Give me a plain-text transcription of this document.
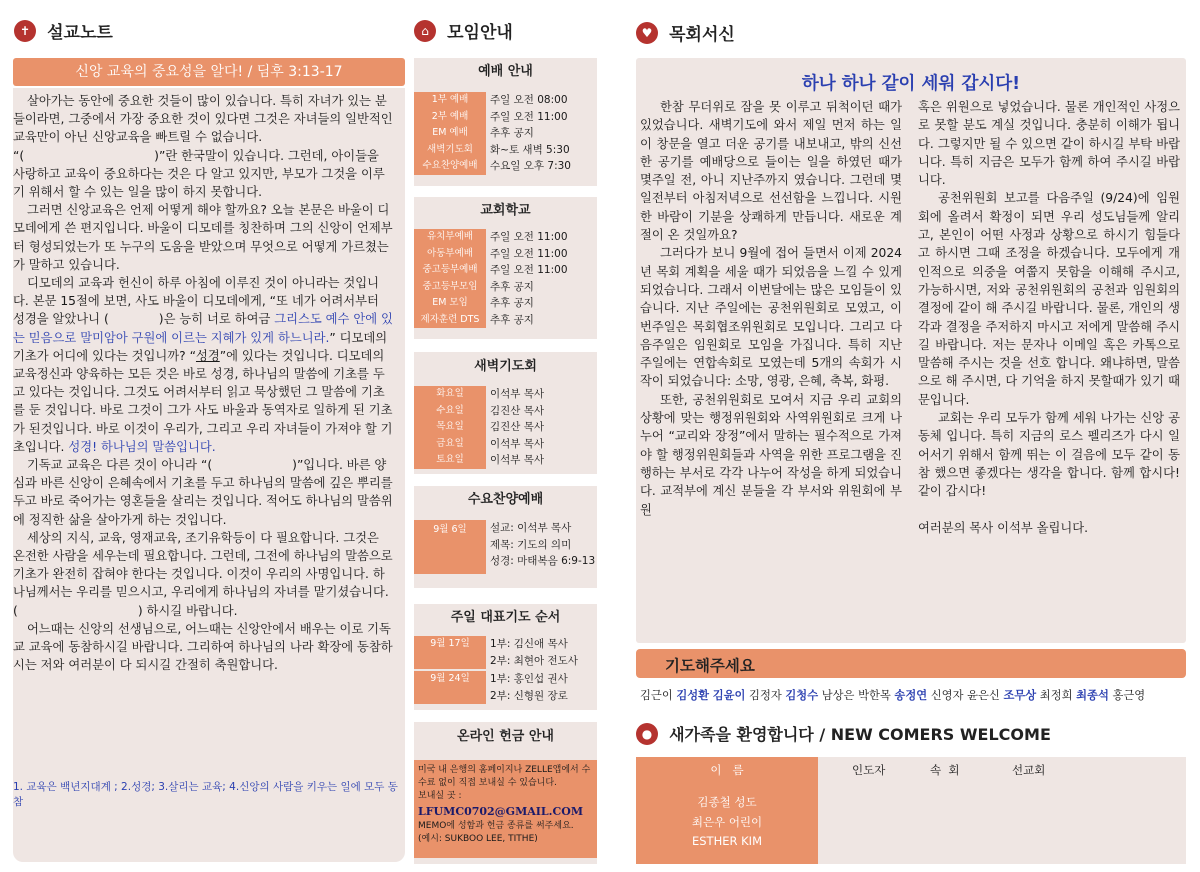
✝ 설교노트
신앙 교육의 중요성을 알다! / 딤후 3:13-17

살아가는 동안에 중요한 것들이 많이 있습니다. 특히 자녀가 있는 분들이라면, 그중에서 가장 중요한 것이 있다면 그것은 자녀들의 일반적인 교육만이 아닌 신앙교육을 빠트릴 수 없습니다.

“(	)”란 한국말이 있습니다. 그런데, 아이들을 사랑하고 교육이 중요하다는 것은 다 알고 있지만, 부모가 그것을 이루기 위해서 할 수 있는 일을 많이 하지 못합니다.

그러면 신앙교육은 언제 어떻게 해야 할까요? 오늘 본문은 바울이 디모데에게 쓴 편지입니다. 바울이 디모데를 칭찬하며 그의 신앙이 언제부터 형성되었는가 또 누구의 도움을 받았으며 무엇으로 어떻게 가르쳤는가 말하고 있습니다.

디모데의 교육과 헌신이 하루 아침에 이루진 것이 아니라는 것입니다. 본문 15절에 보면, 사도 바울이 디모데에게, “또 네가 어려서부터 성경을 알았나니 (	)은 능히 너로 하여금 그리스도 예수 안에 있는 믿음으로 말미암아 구원에 이르는 지혜가 있게 하느니라.” 디모데의 기초가 어디에 있다는 것입니까? “성경”에 있다는 것입니다. 디모데의 교육정신과 양육하는 모든 것은 바로 성경, 하나님의 말씀에 기초를 두고 있다는 것입니다. 그것도 어려서부터 읽고 묵상했던 그 말씀에 기초를 둔 것입니다. 바로 그것이 그가 사도 바울과 동역자로 일하게 된 기초가 된것입니다. 바로 이것이 우리가, 그리고 우리 자녀들이 가져야 할 기초입니다. 성경! 하나님의 말씀입니다.

기독교 교육은 다른 것이 아니라 “(	)”입니다. 바른 양심과 바른 신앙이 은혜속에서 기초를 두고 하나님의 말씀에 깊은 뿌리를 두고 바로 죽어가는 영혼들을 살리는 것입니다. 적어도 하나님의 말씀위에 정직한 삶을 살아가게 하는 것입니다.

세상의 지식, 교육, 영재교육, 조기유학등이 다 필요합니다. 그것은 온전한 사람을 세우는데 필요합니다. 그런데, 그전에 하나님의 말씀으로 기초가 완전히 잡혀야 한다는 것입니다. 이것이 우리의 사명입니다. 하나님께서는 우리를 믿으시고, 우리에게 하나님의 자녀를 맡기셨습니다. (	) 하시길 바랍니다.

어느때는 신앙의 선생님으로, 어느때는 신앙안에서 배우는 이로 기독교 교육에 동참하시길 바랍니다. 그리하여 하나님의 나라 확장에 동참하시는 저와 여러분이 다 되시길 간절히 축원합니다.

1. 교육은 백년지대계 ; 2.성경; 3.살리는 교육; 4.신앙의 사람을 키우는 일에 모두 동참
⌂ 모임안내
예배 안내
1부 예배	주일 오전 08:00
2부 예배	주일 오전 11:00
EM 예배	추후 공지
새벽기도회	화~토 새벽 5:30
수요찬양예배	수요일 오후 7:30
교회학교
유치부예배	주일 오전 11:00
아동부예배	주일 오전 11:00
중고등부예배	주일 오전 11:00
중고등부모임	추후 공지
EM 모임	추후 공지
제자훈련 DTS	추후 공지
새벽기도회
화요일	이석부 목사
수요일	김진산 목사
목요일	김진산 목사
금요일	이석부 목사
토요일	이석부 목사
수요찬양예배
9월 6일	설교: 이석부 목사
제목: 기도의 의미
성경: 마태복음 6:9-13
주일 대표기도 순서
9월 17일	1부: 김신애 목사
2부: 최현아 전도사
9월 24일	1부: 홍인섭 권사
2부: 신형원 장로
온라인 헌금 안내
미국 내 은행의 홈페이지나 ZELLE앱에서 수수료 없이 직접 보내실 수 있습니다.
보내실 곳 :
LFUMC0702@GMAIL.COM
MEMO에 성함과 헌금 종류를 써주세요.
(예시: SUKBOO LEE, TITHE)
♥ 목회서신
하나 하나 같이 세워 갑시다!

한참 무더위로 잠을 못 이루고 뒤척이던 때가 있었습니다. 새벽기도에 와서 제일 먼저 하는 일이 창문을 열고 더운 공기를 내보내고, 밖의 신선한 공기를 예배당으로 들이는 일을 하였던 때가 몇주일 전, 아니 지난주까지 였습니다. 그런데 몇 일전부터 아침저녁으로 선선함을 느낍니다. 시원한 바람이 기분을 상쾌하게 만듭니다. 새로운 계절이 온 것일까요?

그러다가 보니 9월에 접어 들면서 이제 2024년 목회 계획을 세울 때가 되었음을 느낄 수 있게 되었습니다. 그래서 이번달에는 많은 모임들이 있습니다. 지난 주일에는 공천위원회로 모였고, 이번주일은 목회협조위원회로 모입니다. 그리고 다음주일은 임원회로 모임을 가집니다. 특히 지난 주일에는 연합속회로 모였는데 5개의 속회가 시작이 되었습니다: 소망, 영광, 은혜, 축복, 화평.

또한, 공천위원회로 모여서 지금 우리 교회의 상황에 맞는 행정위원회와 사역위원회로 크게 나누어 “교리와 장정”에서 말하는 필수적으로 가져야 할 행정위원회들과 사역을 위한 프로그램을 진행하는 부서로 각각 나누어 작성을 하게 되었습니다. 교적부에 계신 분들을 각 부서와 위원회에 부원

혹은 위원으로 넣었습니다. 물론 개인적인 사정으로 못할 분도 계실 것입니다. 충분히 이해가 됩니다. 그렇지만 될 수 있으면 같이 하시길 부탁 바랍니다. 특히 지금은 모두가 함께 하여 주시길 바랍니다.

공천위원회 보고를 다음주일 (9/24)에 임원회에 올려서 확정이 되면 우리 성도님들께 알리고, 본인이 어떤 사정과 상황으로 하시기 힘들다고 하시면 그때 조정을 하겠습니다. 모두에게 개인적으로 의중을 여쭙지 못함을 이해해 주시고, 가능하시면, 저와 공천위원회의 공천과 임원회의 결정에 같이 해 주시길 바랍니다. 물론, 개인의 생각과 결정을 주저하지 마시고 저에게 말씀해 주시길 바랍니다. 저는 문자나 이메일 혹은 카톡으로 말씀해 주시는 것을 선호 합니다. 왜냐하면, 말씀으로 해 주시면, 다 기억을 하지 못할때가 있기 때문입니다.

교회는 우리 모두가 함께 세워 나가는 신앙 공동체 입니다. 특히 지금의 로스 펠리즈가 다시 일어서기 위해서 함께 뛰는 이 걸음에 모두 같이 동참 했으면 좋겠다는 생각을 합니다. 함께 합시다! 같이 갑시다!

여러분의 목사 이석부 올립니다.

기도해주세요
김근이 김성환 김윤이 김정자 김청수 남상은 박한목 송정연 신영자 윤은신 조무상 최정희 최종석 홍근영
● 새가족을 환영합니다 / NEW COMERS WELCOME
이   름	인도자	속  회	선교회
김종철 성도
최은우 어린이
ESTHER KIM
